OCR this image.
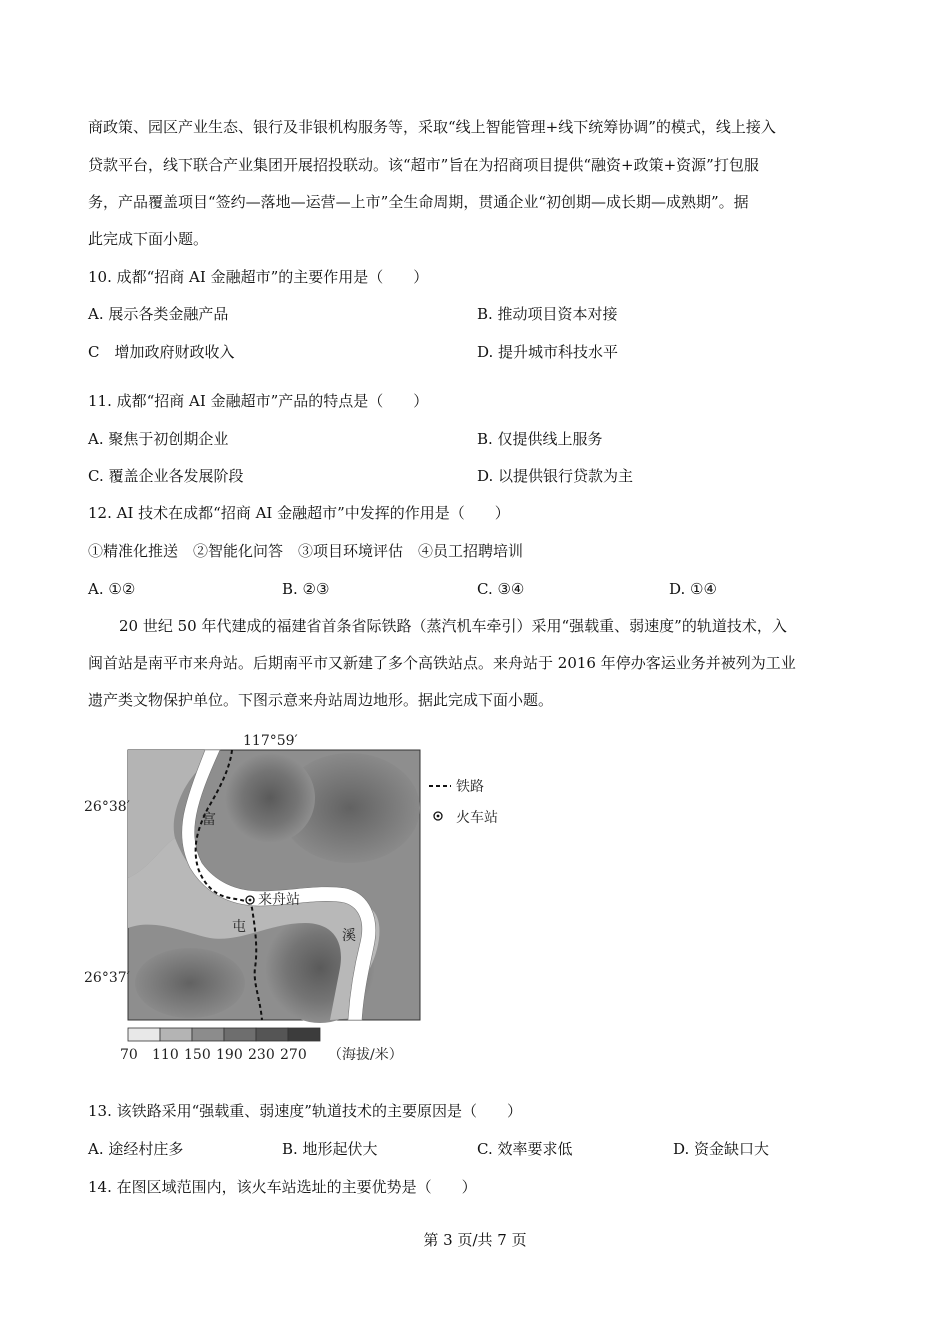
商政策、园区产业生态、银行及非银机构服务等，采取“线上智能管理+线下统筹协调”的模式，线上接入
贷款平台，线下联合产业集团开展招投联动。该“超市”旨在为招商项目提供“融资+政策+资源”打包服
务，产品覆盖项目“签约—落地—运营—上市”全生命周期，贯通企业“初创期—成长期—成熟期”。据
此完成下面小题。
10. 成都“招商 AI 金融超市”的主要作用是（　　）
A. 展示各类金融产品	B. 推动项目资本对接
C　增加政府财政收入	D. 提升城市科技水平
11. 成都“招商 AI 金融超市”产品的特点是（　　）
A. 聚焦于初创期企业	B. 仅提供线上服务
C. 覆盖企业各发展阶段	D. 以提供银行贷款为主
12. AI 技术在成都“招商 AI 金融超市”中发挥的作用是（　　）
①精准化推送　②智能化问答　③项目环境评估　④员工招聘培训
A. ①②	B. ②③	C. ③④	D. ①④
20 世纪 50 年代建成的福建省首条省际铁路（蒸汽机车牵引）采用“强载重、弱速度”的轨道技术，入
闽首站是南平市来舟站。后期南平市又新建了多个高铁站点。来舟站于 2016 年停办客运业务并被列为工业
遗产类文物保护单位。下图示意来舟站周边地形。据此完成下面小题。
117°59′
26°38′
26°37′
富
屯
溪
来舟站
铁路
火车站
70 110 150 190 230 270 （海拔/米）
13. 该铁路采用“强载重、弱速度”轨道技术的主要原因是（　　）
A. 途经村庄多	B. 地形起伏大	C. 效率要求低	D. 资金缺口大
14. 在图区域范围内，该火车站选址的主要优势是（　　）
第 3 页/共 7 页
